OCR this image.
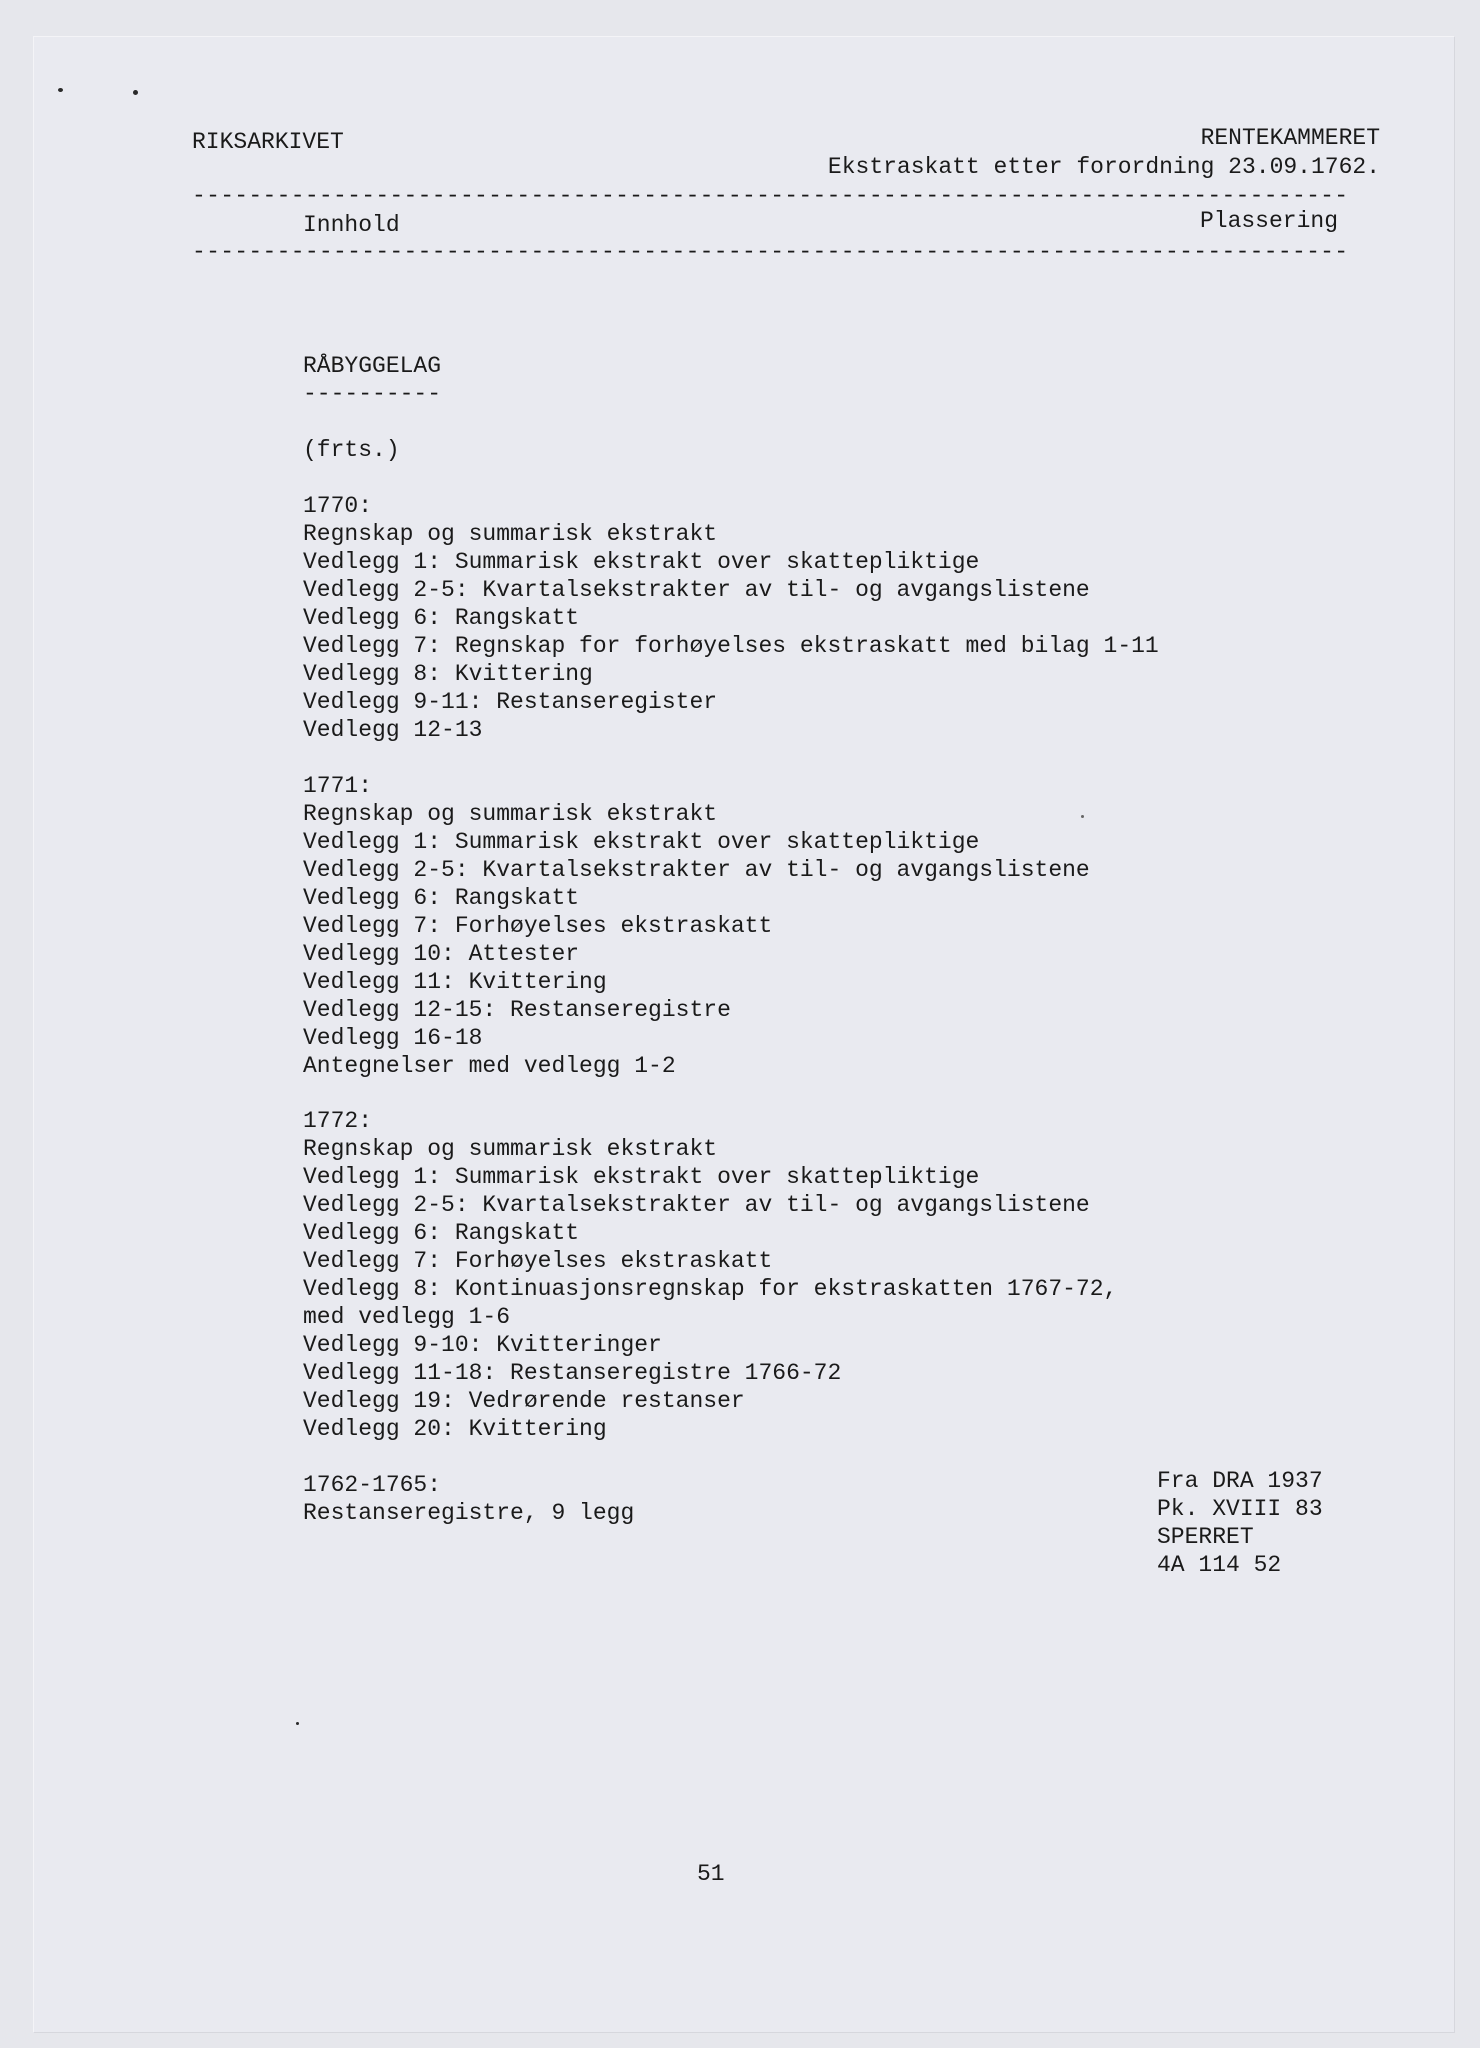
RIKSARKIVET	RENTEKAMMERET

Ekstraskatt etter forordning 23.09.1762.

----------------------------------------------------------------------------------

Innhold	Plassering

----------------------------------------------------------------------------------

RÅBYGGELAG

----------

(frts.)

1770:
Regnskap og summarisk ekstrakt
Vedlegg 1: Summarisk ekstrakt over skattepliktige
Vedlegg 2-5: Kvartalsekstrakter av til- og avgangslistene
Vedlegg 6: Rangskatt
Vedlegg 7: Regnskap for forhøyelses ekstraskatt med bilag 1-11
Vedlegg 8: Kvittering
Vedlegg 9-11: Restanseregister
Vedlegg 12-13
1771:
Regnskap og summarisk ekstrakt
Vedlegg 1: Summarisk ekstrakt over skattepliktige
Vedlegg 2-5: Kvartalsekstrakter av til- og avgangslistene
Vedlegg 6: Rangskatt
Vedlegg 7: Forhøyelses ekstraskatt
Vedlegg 10: Attester
Vedlegg 11: Kvittering
Vedlegg 12-15: Restanseregistre
Vedlegg 16-18
Antegnelser med vedlegg 1-2
1772:
Regnskap og summarisk ekstrakt
Vedlegg 1: Summarisk ekstrakt over skattepliktige
Vedlegg 2-5: Kvartalsekstrakter av til- og avgangslistene
Vedlegg 6: Rangskatt
Vedlegg 7: Forhøyelses ekstraskatt
Vedlegg 8: Kontinuasjonsregnskap for ekstraskatten 1767-72,
med vedlegg 1-6
Vedlegg 9-10: Kvitteringer
Vedlegg 11-18: Restanseregistre 1766-72
Vedlegg 19: Vedrørende restanser
Vedlegg 20: Kvittering
1762-1765:
Restanseregistre, 9 legg
Fra DRA 1937
Pk. XVIII 83
SPERRET
4A 114 52

51
